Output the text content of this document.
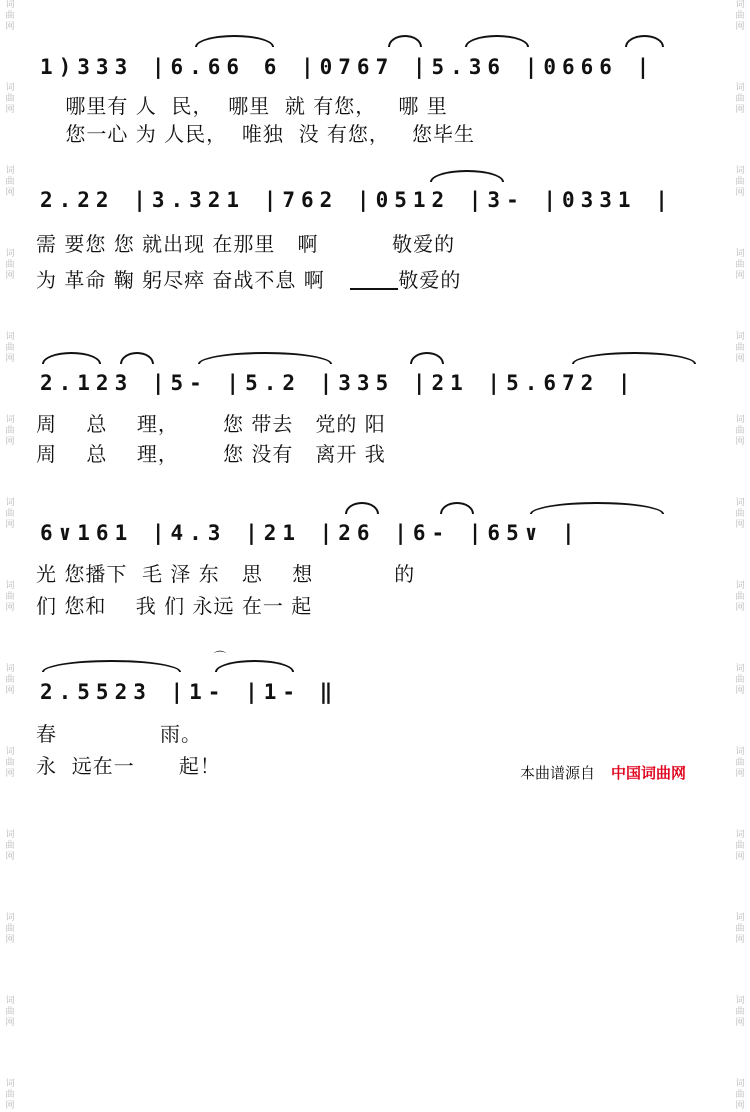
词
曲
网
词
曲
网
词
曲
网
词
曲
网
词
曲
网
词
曲
网
词
曲
网
词
曲
网
词
曲
网
词
曲
网
词
曲
网
词
曲
网
词
曲
网
词
曲
网
词
曲
网
词
曲
网
词
曲
网
词
曲
网
词
曲
网
词
曲
网
词
曲
网
词
曲
网
词
曲
网
词
曲
网
词
曲
网
词
曲
网
词
曲
网
词
曲
网
1)333 |6.66 6 |0767 |5.36 |0666 |
哪里有 人  民，  哪里  就 有您，   哪 里
您一心 为 人民，  唯独  没 有您，   您毕生
2.22 |3.321 |762 |0512 |3- |0331 |
需 要您 您 就出现 在那里   啊          敬爱的
为 革命 鞠 躬尽瘁 奋战不息 啊          敬爱的
2.123 |5- |5.2 |335 |21 |5.672 |
周    总    理，      您 带去   党的 阳
周    总    理，      您 没有   离开 我
6∨161 |4.3 |21 |26 |6- |65∨ |
光 您播下  毛 泽 东   思    想           的
们 您和    我 们 永远 在一 起
2.5523 |1- |1- ‖
春              雨。
永  远在一      起！
⌒
本曲谱源自 中国词曲网
